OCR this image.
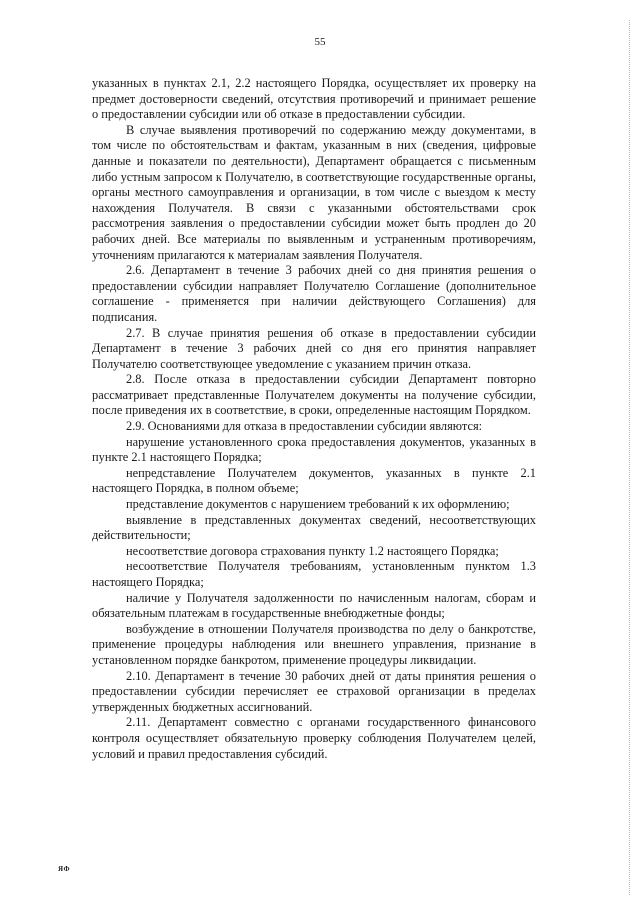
55

указанных в пунктах 2.1, 2.2 настоящего Порядка, осуществляет их проверку на предмет достоверности сведений, отсутствия противоречий и принимает решение о предоставлении субсидии или об отказе в предоставлении субсидии.

В случае выявления противоречий по содержанию между документами, в том числе по обстоятельствам и фактам, указанным в них (сведения, цифровые данные и показатели по деятельности), Департамент обращается с письменным либо устным запросом к Получателю, в соответствующие государственные органы, органы местного самоуправления и организации, в том числе с выездом к месту нахождения Получателя. В связи с указанными обстоятельствами срок рассмотрения заявления о предоставлении субсидии может быть продлен до 20 рабочих дней. Все материалы по выявленным и устраненным противоречиям, уточнениям прилагаются к материалам заявления Получателя.

2.6. Департамент в течение 3 рабочих дней со дня принятия решения о предоставлении субсидии направляет Получателю Соглашение (дополнительное соглашение - применяется при наличии действующего Соглашения) для подписания.

2.7. В случае принятия решения об отказе в предоставлении субсидии Департамент в течение 3 рабочих дней со дня его принятия направляет Получателю соответствующее уведомление с указанием причин отказа.

2.8. После отказа в предоставлении субсидии Департамент повторно рассматривает представленные Получателем документы на получение субсидии, после приведения их в соответствие, в сроки, определенные настоящим Порядком.

2.9. Основаниями для отказа в предоставлении субсидии являются:

нарушение установленного срока предоставления документов, указанных в пункте 2.1 настоящего Порядка;

непредставление Получателем документов, указанных в пункте 2.1 настоящего Порядка, в полном объеме;

представление документов с нарушением требований к их оформлению;

выявление в представленных документах сведений, несоответствующих действительности;

несоответствие договора страхования пункту 1.2 настоящего Порядка;

несоответствие Получателя требованиям, установленным пунктом 1.3 настоящего Порядка;

наличие у Получателя задолженности по начисленным налогам, сборам и обязательным платежам в государственные внебюджетные фонды;

возбуждение в отношении Получателя производства по делу о банкротстве, применение процедуры наблюдения или внешнего управления, признание в установленном порядке банкротом, применение процедуры ликвидации.

2.10. Департамент в течение 30 рабочих дней от даты принятия решения о предоставлении субсидии перечисляет ее страховой организации в пределах утвержденных бюджетных ассигнований.

2.11. Департамент совместно с органами государственного финансового контроля осуществляет обязательную проверку соблюдения Получателем целей, условий и правил предоставления субсидий.

ЯФ
